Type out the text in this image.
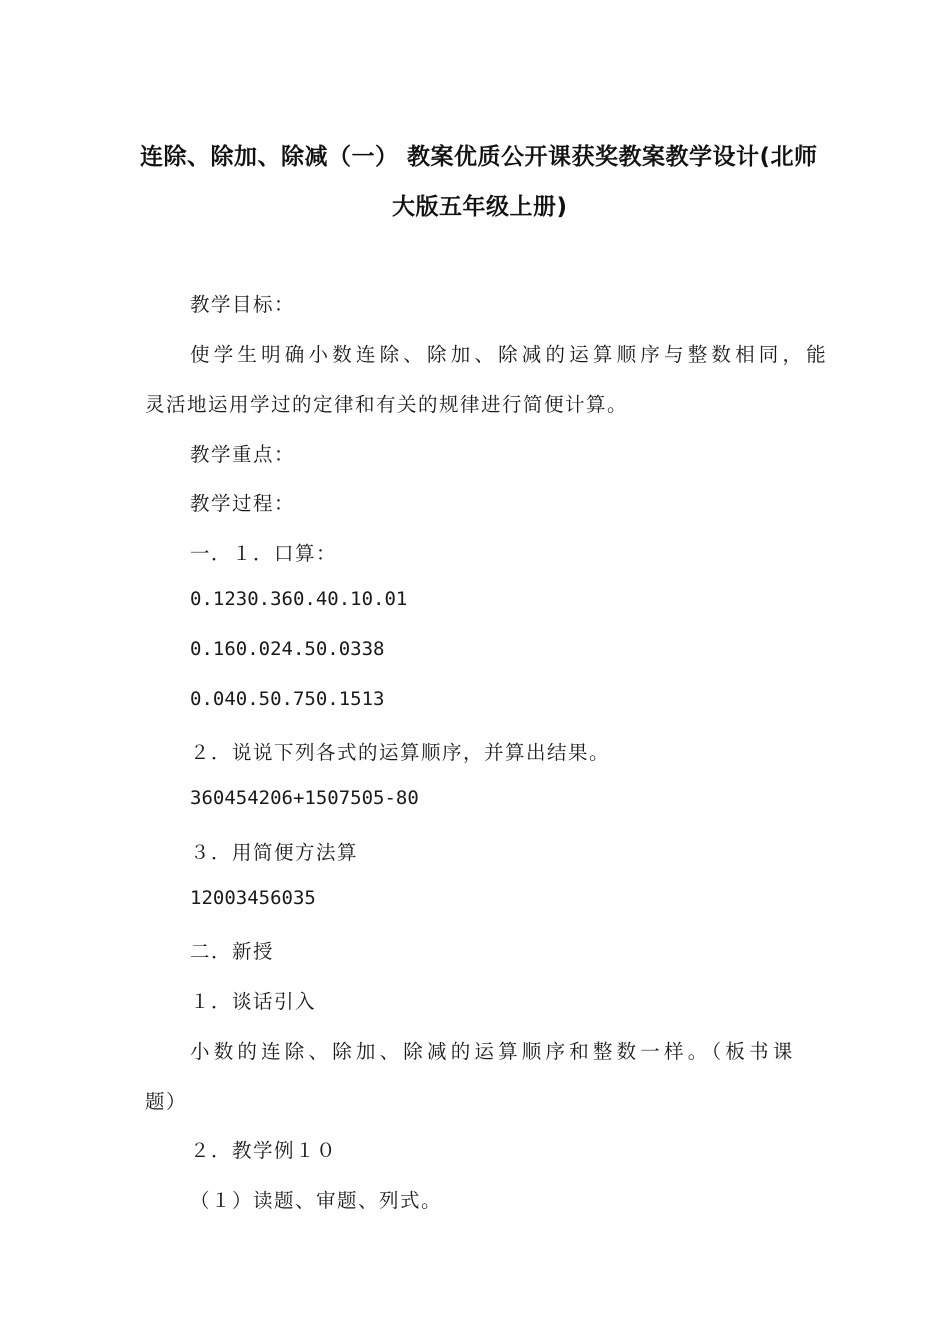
连除、除加、除减（一） 教案优质公开课获奖教案教学设计(北师
大版五年级上册)
教学目标：
使学生明确小数连除、除加、除减的运算顺序与整数相同，能
灵活地运用学过的定律和有关的规律进行简便计算。
教学重点：
教学过程：
一．１．口算：
0.1230.360.40.10.01
0.160.024.50.0338
0.040.50.750.1513
２．说说下列各式的运算顺序，并算出结果。
360454206+1507505-80
３．用简便方法算
12003456035
二．新授
１．谈话引入
小数的连除、除加、除减的运算顺序和整数一样。（板书课
题）
２．教学例１０
（１）读题、审题、列式。
